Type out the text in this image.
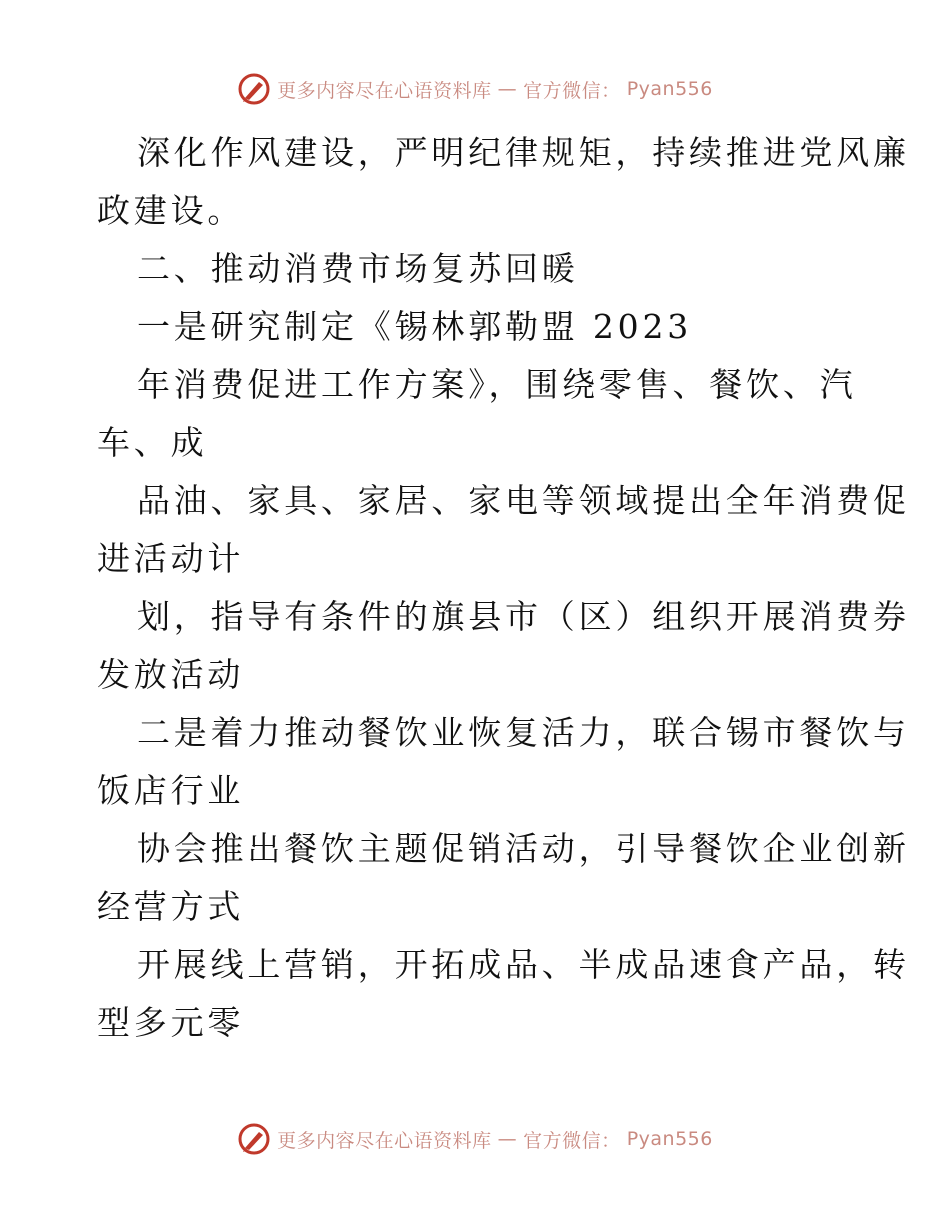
更多内容尽在心语资料库 — 官方微信： Pyan556
深化作风建设，严明纪律规矩，持续推进党风廉
政建设。
二、推动消费市场复苏回暖
一是研究制定《锡林郭勒盟 2023
年消费促进工作方案》，围绕零售、餐饮、汽
车、成
品油、家具、家居、家电等领域提出全年消费促
进活动计
划，指导有条件的旗县市（区）组织开展消费券
发放活动
二是着力推动餐饮业恢复活力，联合锡市餐饮与
饭店行业
协会推出餐饮主题促销活动，引导餐饮企业创新
经营方式
开展线上营销，开拓成品、半成品速食产品，转
型多元零
更多内容尽在心语资料库 — 官方微信： Pyan556
